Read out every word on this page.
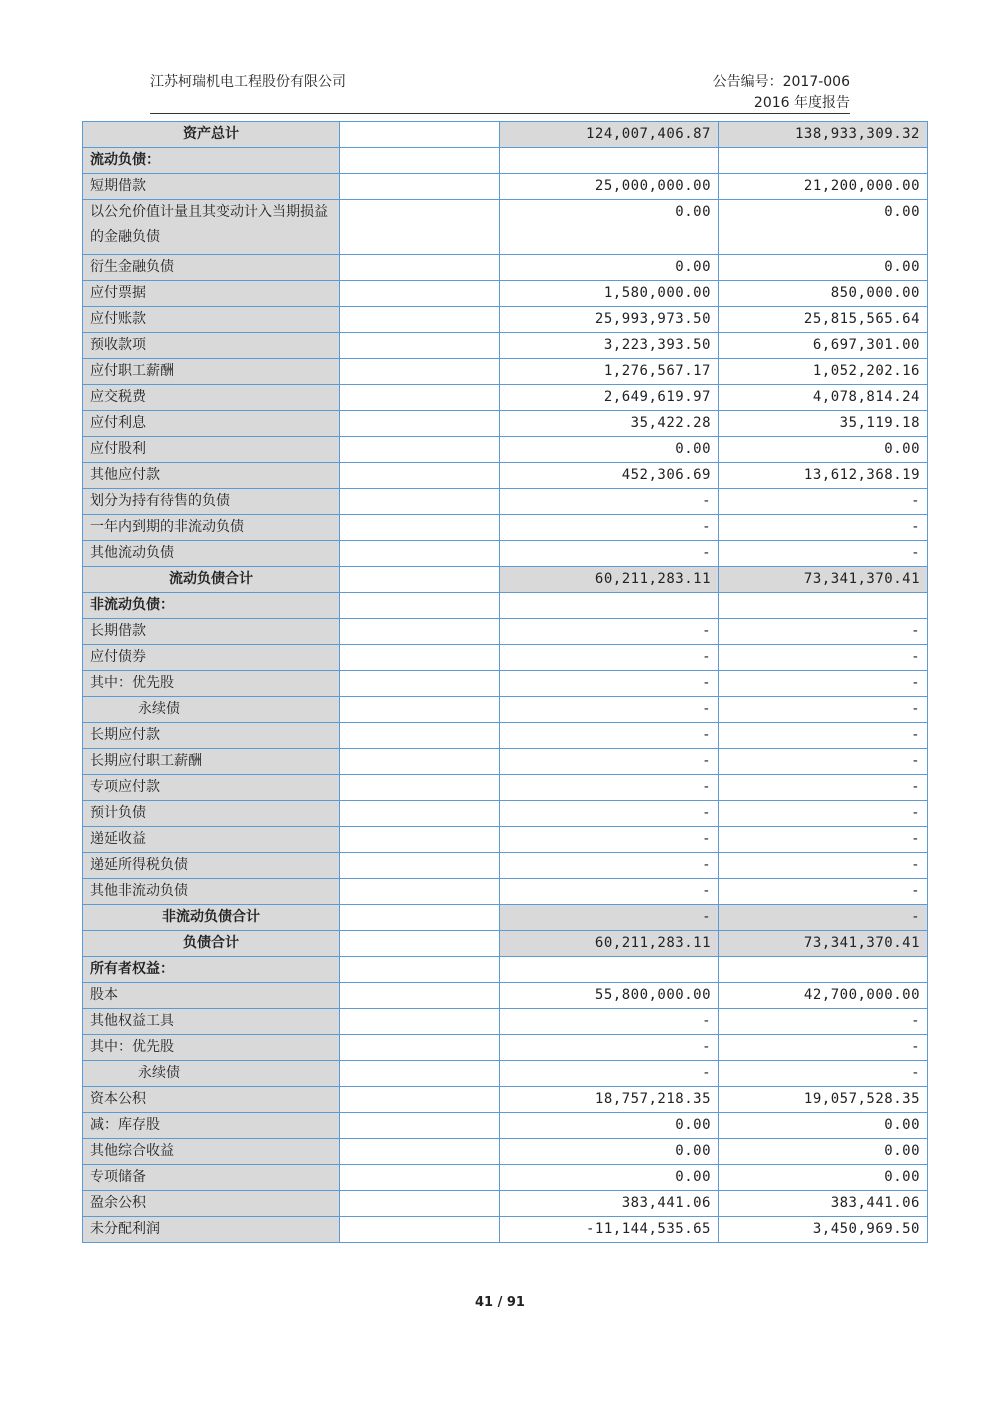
江苏柯瑞机电工程股份有限公司	公告编号：2017-006
2016 年度报告
资产总计		124,007,406.87	138,933,309.32
流动负债：			
短期借款		25,000,000.00	21,200,000.00
以公允价值计量且其变动计入当期损益的金融负债		0.00	0.00
衍生金融负债		0.00	0.00
应付票据		1,580,000.00	850,000.00
应付账款		25,993,973.50	25,815,565.64
预收款项		3,223,393.50	6,697,301.00
应付职工薪酬		1,276,567.17	1,052,202.16
应交税费		2,649,619.97	4,078,814.24
应付利息		35,422.28	35,119.18
应付股利		0.00	0.00
其他应付款		452,306.69	13,612,368.19
划分为持有待售的负债		-	-
一年内到期的非流动负债		-	-
其他流动负债		-	-
流动负债合计		60,211,283.11	73,341,370.41
非流动负债：			
长期借款		-	-
应付债券		-	-
其中：优先股		-	-
永续债		-	-
长期应付款		-	-
长期应付职工薪酬		-	-
专项应付款		-	-
预计负债		-	-
递延收益		-	-
递延所得税负债		-	-
其他非流动负债		-	-
非流动负债合计		-	-
负债合计		60,211,283.11	73,341,370.41
所有者权益：			
股本		55,800,000.00	42,700,000.00
其他权益工具		-	-
其中：优先股		-	-
永续债		-	-
资本公积		18,757,218.35	19,057,528.35
减：库存股		0.00	0.00
其他综合收益		0.00	0.00
专项储备		0.00	0.00
盈余公积		383,441.06	383,441.06
未分配利润		-11,144,535.65	3,450,969.50
41 / 91
